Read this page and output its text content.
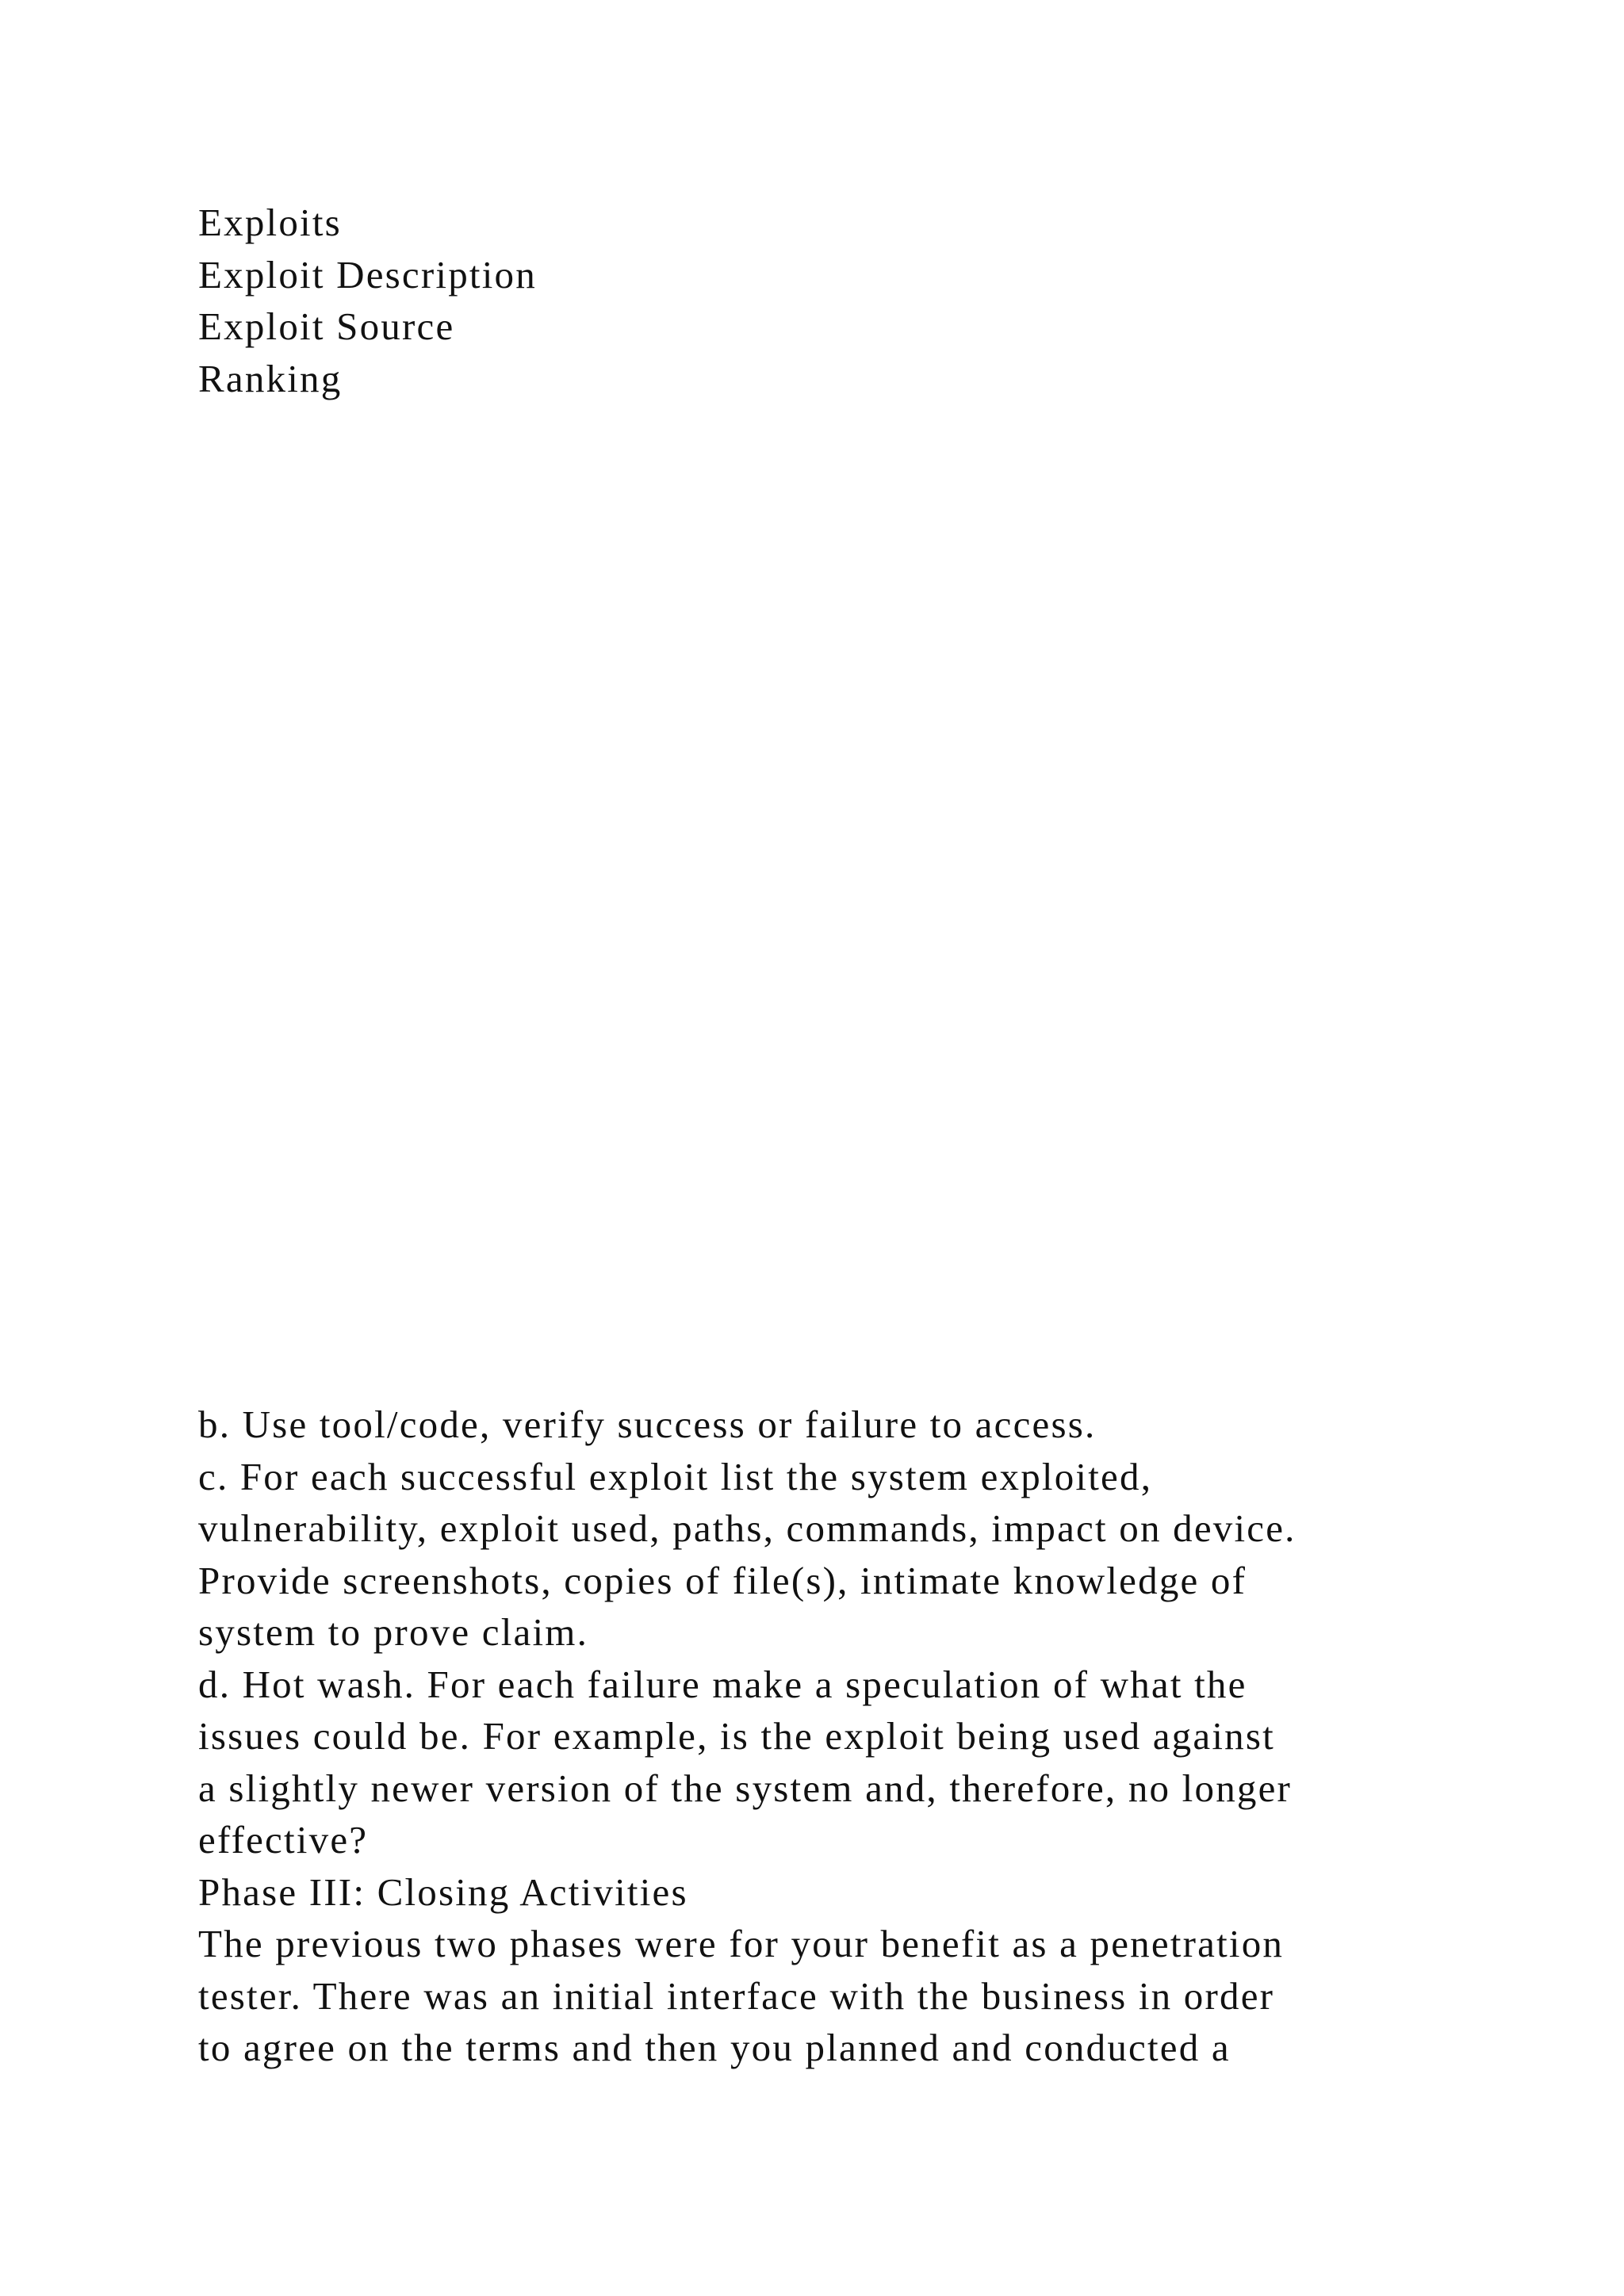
Exploits
Exploit Description
Exploit Source
Ranking
b. Use tool/code, verify success or failure to access.
c. For each successful exploit list the system exploited,
vulnerability, exploit used, paths, commands, impact on device.
Provide screenshots, copies of file(s), intimate knowledge of
system to prove claim.
d. Hot wash. For each failure make a speculation of what the
issues could be. For example, is the exploit being used against
a slightly newer version of the system and, therefore, no longer
effective?
Phase III: Closing Activities
The previous two phases were for your benefit as a penetration
tester. There was an initial interface with the business in order
to agree on the terms and then you planned and conducted a
